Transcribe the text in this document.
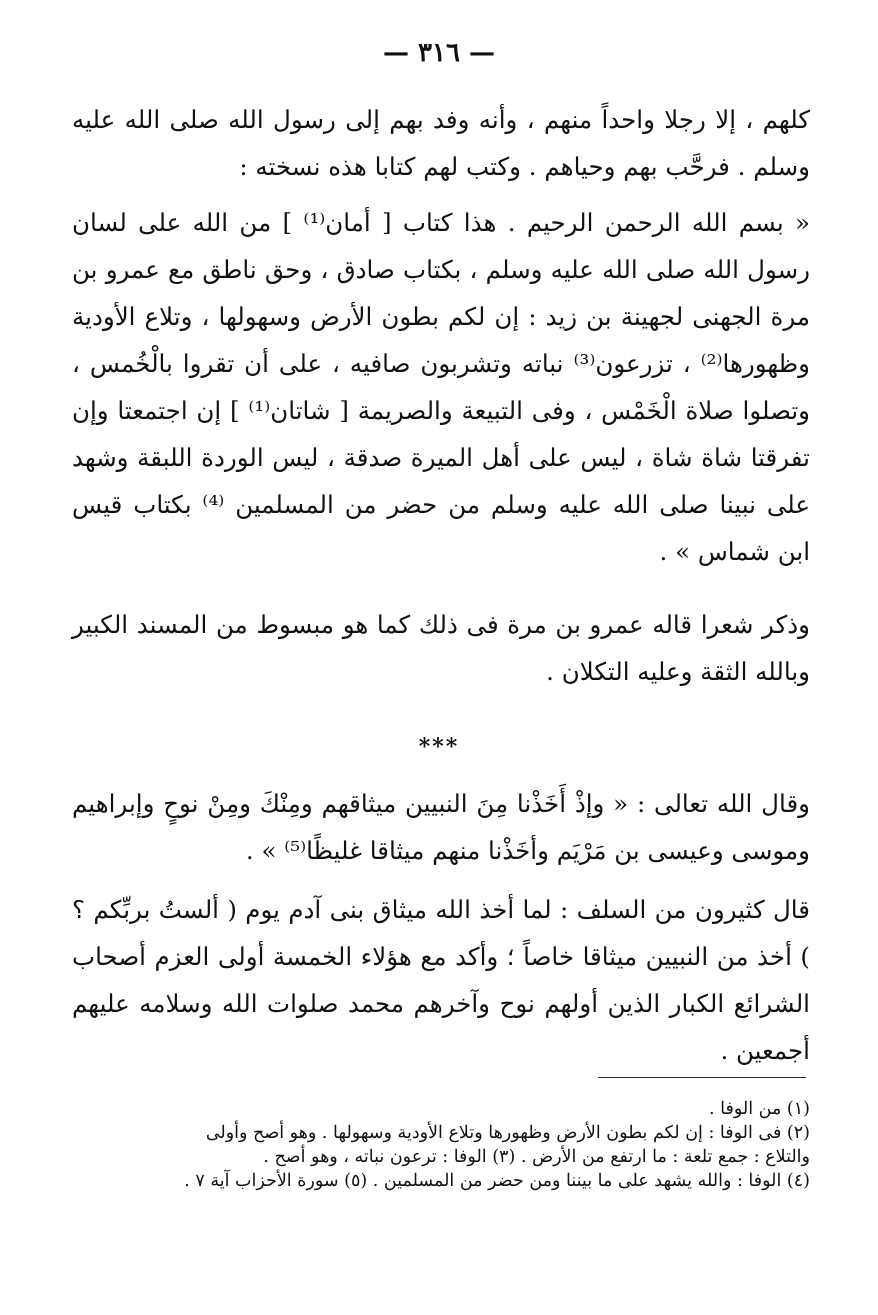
— ٣١٦ —

كلهم ، إلا رجلا واحداً منهم ، وأنه وفد بهم إلى رسول الله صلى الله عليه وسلم . فرحَّب بهم وحياهم . وكتب لهم كتابا هذه نسخته :

« بسم الله الرحمن الرحيم . هذا كتاب [ أمان⁽¹⁾ ] من الله على لسان رسول الله صلى الله عليه وسلم ، بكتاب صادق ، وحق ناطق مع عمرو بن مرة الجهنى لجهينة بن زيد : إن لكم بطون الأرض وسهولها ، وتلاع الأودية وظهورها⁽²⁾ ، تزرعون⁽³⁾ نباته وتشربون صافيه ، على أن تقروا بالْخُمس ، وتصلوا صلاة الْخَمْس ، وفى التبيعة والصريمة [ شاتان⁽¹⁾ ] إن اجتمعتا وإن تفرقتا شاة شاة ، ليس على أهل الميرة صدقة ، ليس الوردة اللبقة وشهد على نبينا صلى الله عليه وسلم من حضر من المسلمين ⁽⁴⁾ بكتاب قيس ابن شماس » .

وذكر شعرا قاله عمرو بن مرة فى ذلك كما هو مبسوط من المسند الكبير وبالله الثقة وعليه التكلان .

***

وقال الله تعالى : « وإذْ أَخَذْنا مِنَ النبيين ميثاقهم ومِنْكَ ومِنْ نوحٍ وإبراهيم وموسى وعيسى بن مَرْيَم وأخَذْنا منهم ميثاقا غليظًا⁽⁵⁾ » .

قال كثيرون من السلف : لما أخذ الله ميثاق بنى آدم يوم ( ألستُ بربِّكم ؟ ) أخذ من النبيين ميثاقا خاصاً ؛ وأكد مع هؤلاء الخمسة أولى العزم أصحاب الشرائع الكبار الذين أولهم نوح وآخرهم محمد صلوات الله وسلامه عليهم أجمعين .

(١) من الوفا .

(٢) فى الوفا : إن لكم بطون الأرض وظهورها وتلاع الأودية وسهولها . وهو أصح وأولى

والتلاع : جمع تلعة : ما ارتفع من الأرض . (٣) الوفا : ترعون نباته ، وهو أصح .

(٤) الوفا : والله يشهد على ما بيننا ومن حضر من المسلمين . (٥) سورة الأحزاب آية ٧ .
